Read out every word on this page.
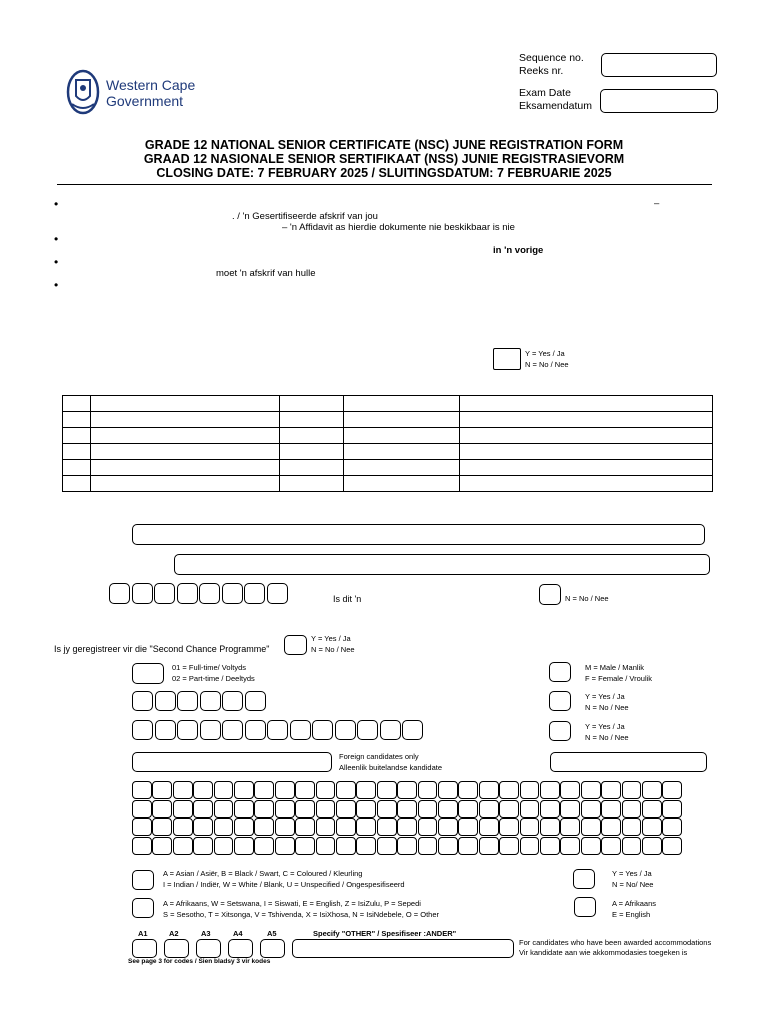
Western Cape
Government
Sequence no.
Reeks nr.
Exam Date
Eksamendatum
GRADE 12 NATIONAL SENIOR CERTIFICATE (NSC) JUNE REGISTRATION FORM
GRAAD 12 NASIONALE SENIOR SERTIFIKAAT (NSS) JUNIE REGISTRASIEVORM
CLOSING DATE: 7 FEBRUARY 2025 / SLUITINGSDATUM: 7 FEBRUARIE 2025
•	–
. / 'n Gesertifiseerde afskrif van jou
– 'n Affidavit as hierdie dokumente nie beskikbaar is nie
•
in 'n vorige
•
moet 'n afskrif van hulle
•
Y = Yes / Ja
N = No / Nee

Is dit 'n	N = No / Nee
Is jy geregistreer vir die "Second Chance Programme"
Y = Yes / Ja
N = No / Nee
01 = Full-time/ Voltyds
02 = Part-time / Deeltyds
M = Male / Manlik
F = Female / Vroulik
Y = Yes / Ja
N = No / Nee
Y = Yes / Ja
N = No / Nee
Foreign candidates only
Alleenlik buitelandse kandidate
A = Asian / Asiër, B = Black / Swart, C = Coloured / Kleurling
I = Indian / Indiër, W = White / Blank, U = Unspecified / Ongespesifiseerd
Y = Yes / Ja
N = No/ Nee
A = Afrikaans, W = Setswana, I = Siswati, E = English, Z = IsiZulu, P = Sepedi
S = Sesotho, T = Xitsonga, V = Tshivenda, X = IsiXhosa, N = IsiNdebele, O = Other
A = Afrikaans
E = English
A1	A2	A3	A4	A5	Specify "OTHER" / Spesifiseer :ANDER"
See page 3 for codes / Sien bladsy 3 vir kodes
For candidates who have been awarded accommodations
Vir kandidate aan wie akkommodasies toegeken is
